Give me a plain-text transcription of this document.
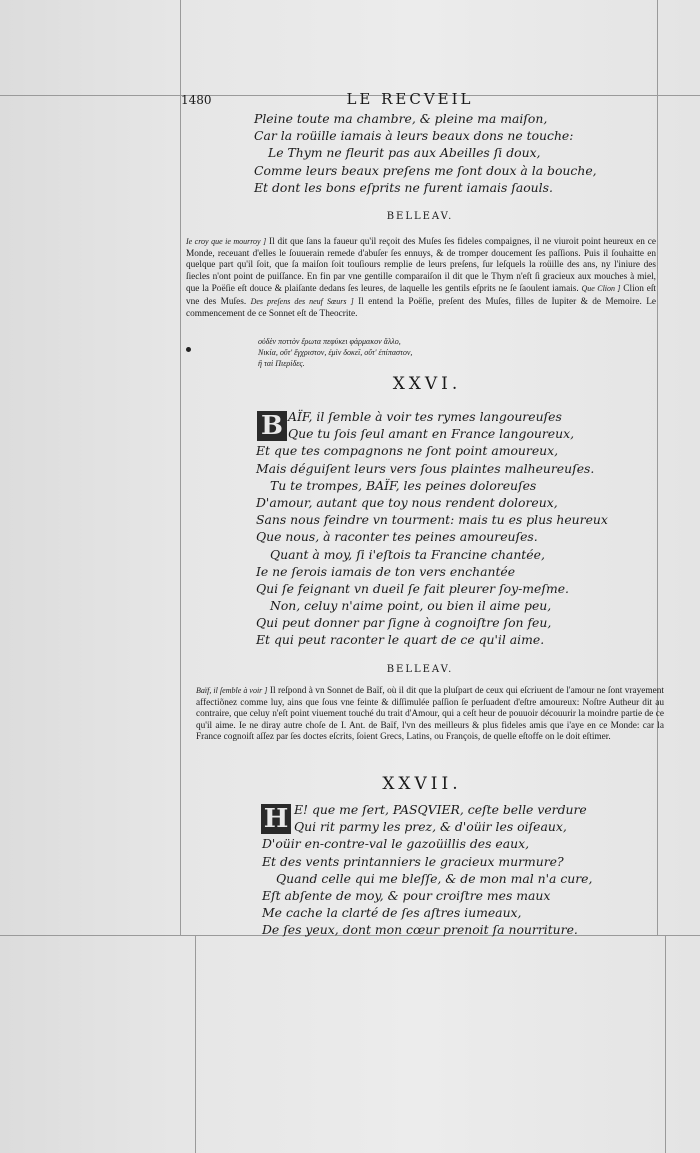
1480	LE RECVEIL
Pleine toute ma chambre, & pleine ma maiſon,
Car la roüille iamais à leurs beaux dons ne touche:
Le Thym ne fleurit pas aux Abeilles ſi doux,
Comme leurs beaux preſens me ſont doux à la bouche,
Et dont les bons eſprits ne furent iamais ſaouls.
BELLEAV.
Ie croy que ie mourroy ] Il dit que ſans la faueur qu'il reçoit des Muſes ſes fideles compaignes, il ne viuroit point heureux en ce Monde, receuant d'elles le ſouuerain remede d'abuſer ſes ennuys, & de tromper doucement ſes paſſions. Puis il ſouhaitte en quelque part qu'il ſoit, que ſa maiſon ſoit touſiours remplie de leurs preſens, ſur leſquels la roüille des ans, ny l'iniure des ſiecles n'ont point de puiſſance. En fin par vne gentille comparaiſon il dit que le Thym n'eſt ſi gracieux aux mouches à miel, que la Poëſie eſt douce & plaiſante dedans ſes leures, de laquelle les gentils eſprits ne ſe ſaoulent iamais. Que Clion ] Clion eſt vne des Muſes. Des preſens des neuf Sœurs ] Il entend la Poëſie, preſent des Muſes, filles de Iupiter & de Memoire. Le commencement de ce Sonnet eſt de Theocrite.
οὐδὲν ποττὸν ἔρωτα πεφύκει φάρμακον ἄλλο,
Νικία, οὔτ' ἔγχριστον, ἐμὶν δοκεῖ, οὔτ' ἐπίπαστον,
ἢ ταὶ Πιερίδες.
XXVI.
B AÏF, il ſemble à voir tes rymes langoureuſes
Que tu ſois ſeul amant en France langoureux,
Et que tes compagnons ne ſont point amoureux,
Mais déguiſent leurs vers ſous plaintes malheureuſes.
Tu te trompes, BAÏF, les peines doloreuſes
D'amour, autant que toy nous rendent doloreux,
Sans nous feindre vn tourment: mais tu es plus heureux
Que nous, à raconter tes peines amoureuſes.
Quant à moy, ſi i'eſtois ta Francine chantée,
Ie ne ſerois iamais de ton vers enchantée
Qui ſe feignant vn dueil ſe fait pleurer ſoy-meſme.
Non, celuy n'aime point, ou bien il aime peu,
Qui peut donner par ſigne à cognoiſtre ſon feu,
Et qui peut raconter le quart de ce qu'il aime.
BELLEAV.
Baïf, il ſemble à voir ] Il reſpond à vn Sonnet de Baïf, où il dit que la pluſpart de ceux qui eſcriuent de l'amour ne ſont vrayement affectiõnez comme luy, ains que ſous vne feinte & diſſimulée paſſion ſe perſuadent d'eſtre amoureux: Noſtre Autheur dit au contraire, que celuy n'eſt point viuement touché du trait d'Amour, qui a ceſt heur de pouuoir découurir la moindre partie de ce qu'il aime. Ie ne diray autre choſe de I. Ant. de Baïf, l'vn des meilleurs & plus fideles amis que i'aye en ce Monde: car la France cognoiſt aſſez par ſes doctes eſcrits, ſoient Grecs, Latins, ou François, de quelle eſtoffe on le doit eſtimer.
XXVII.
H E! que me ſert, PASQVIER, ceſte belle verdure
Qui rit parmy les prez, & d'oüir les oiſeaux,
D'oüir en-contre-val le gazoüillis des eaux,
Et des vents printanniers le gracieux murmure?
Quand celle qui me bleſſe, & de mon mal n'a cure,
Eſt abſente de moy, & pour croiſtre mes maux
Me cache la clarté de ſes aſtres iumeaux,
De ſes yeux, dont mon cœur prenoit ſa nourriture.
